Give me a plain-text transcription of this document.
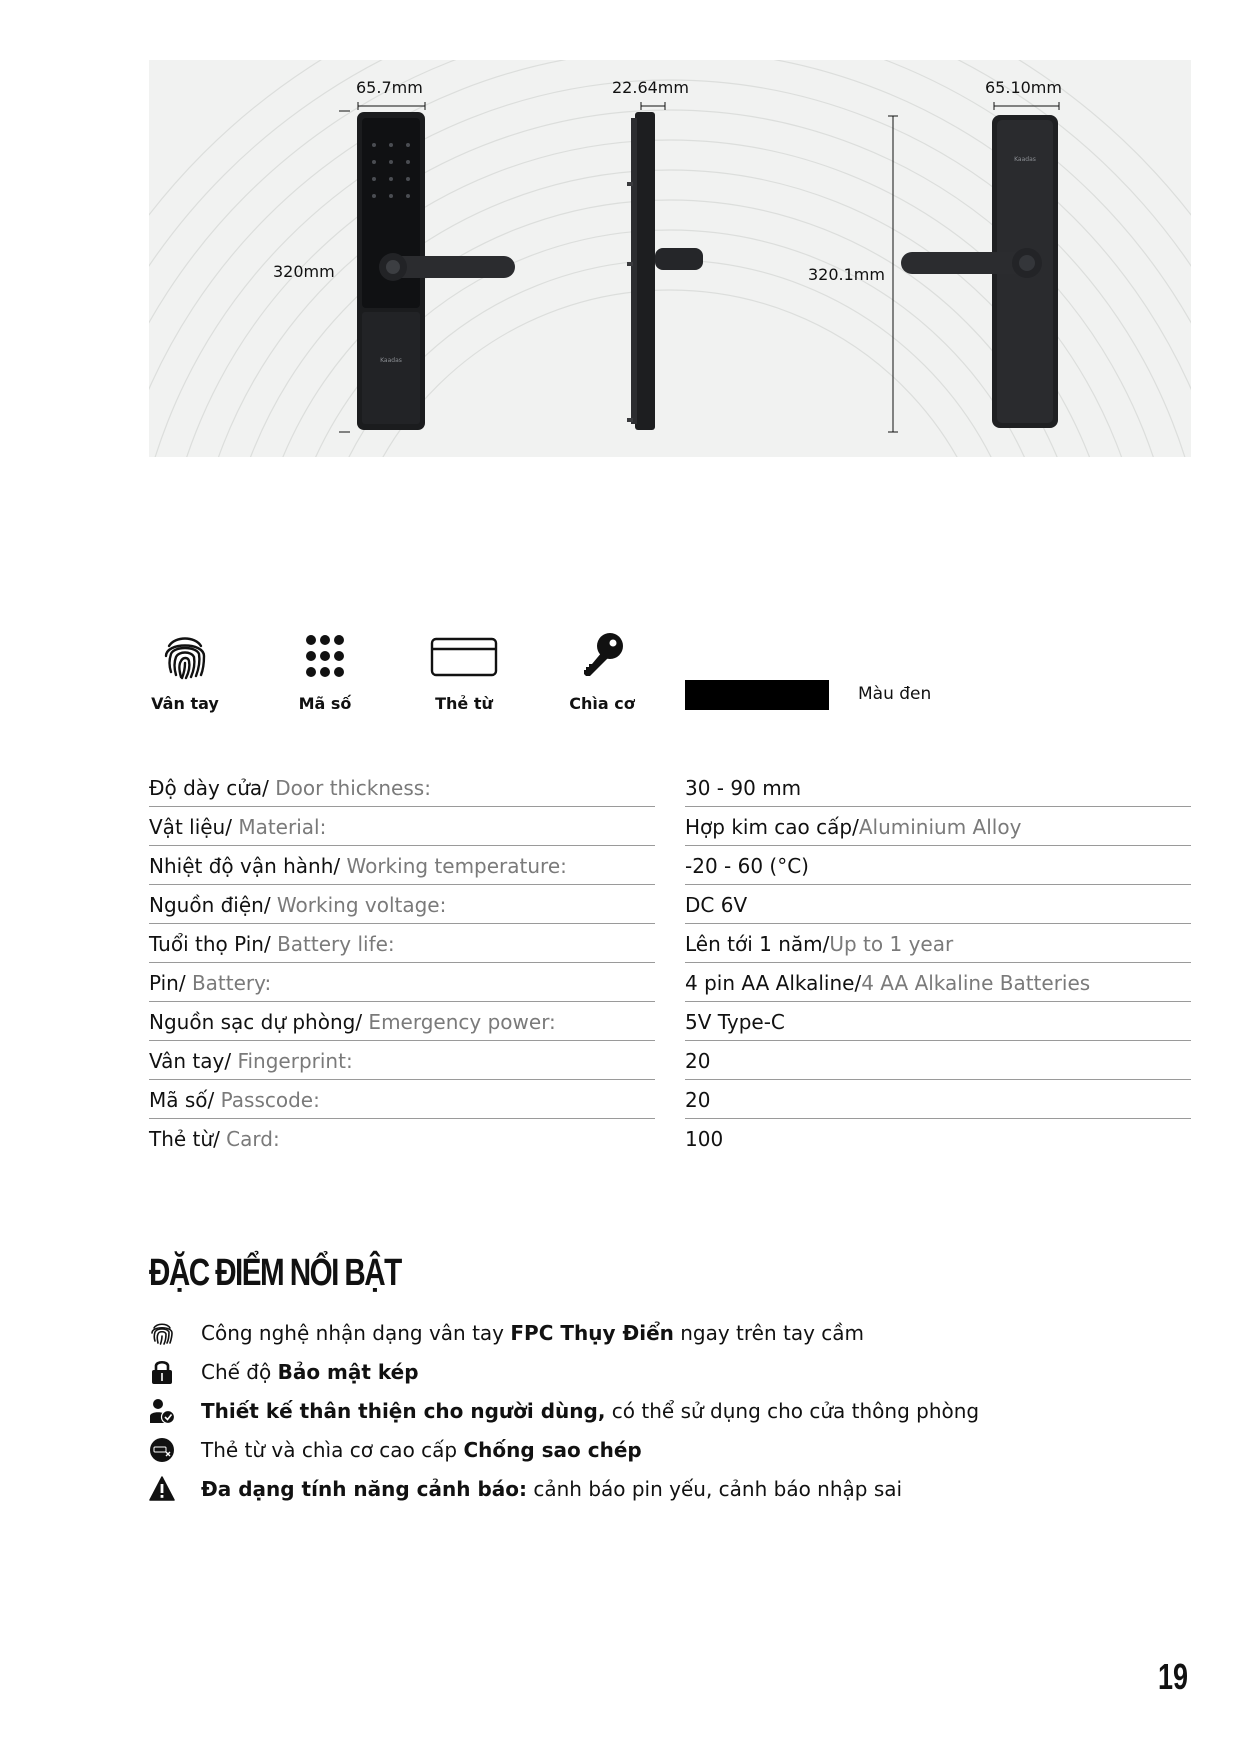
Kaadas
Kaadas
65.7mm
320mm
22.64mm	65.10mm
320.1mm
Vân tay	Mã số	Thẻ từ	Chìa cơ	Màu đen
Độ dày cửa/ Door thickness:	30 - 90 mm
Vật liệu/ Material:	Hợp kim cao cấp/Aluminium Alloy
Nhiệt độ vận hành/ Working temperature:	-20 - 60 (°C)
Nguồn điện/ Working voltage:	DC 6V
Tuổi thọ Pin/ Battery life:	Lên tới 1 năm/Up to 1 year
Pin/ Battery:	4 pin AA Alkaline/4 AA Alkaline Batteries
Nguồn sạc dự phòng/ Emergency power:	5V Type-C
Vân tay/ Fingerprint:	20
Mã số/ Passcode:	20
Thẻ từ/ Card:	100
ĐẶC ĐIỂM NỔI BẬT
Công nghệ nhận dạng vân tay FPC Thụy Điển ngay trên tay cầm
Chế độ Bảo mật kép
Thiết kế thân thiện cho người dùng, có thể sử dụng cho cửa thông phòng
Thẻ từ và chìa cơ cao cấp Chống sao chép
Đa dạng tính năng cảnh báo: cảnh báo pin yếu, cảnh báo nhập sai
19
